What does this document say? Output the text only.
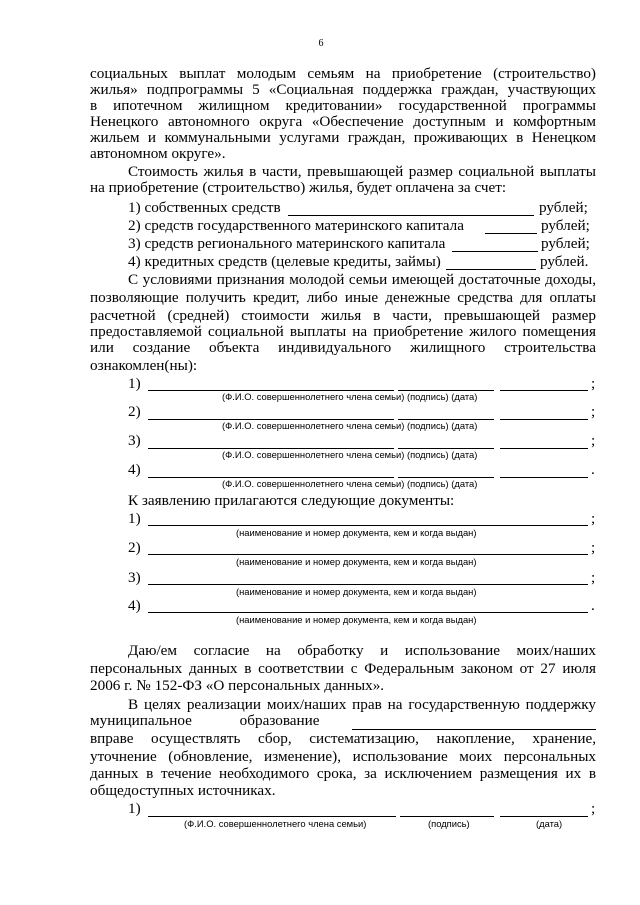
6
социальных выплат молодым семьям на приобретение (строительство)
жилья» подпрограммы 5 «Социальная поддержка граждан, участвующих
в ипотечном жилищном кредитовании» государственной программы
Ненецкого автономного округа «Обеспечение доступным и комфортным
жильем и коммунальными услугами граждан, проживающих в Ненецком
автономном округе».
Стоимость жилья в части, превышающей размер социальной выплаты
на приобретение (строительство) жилья, будет оплачена за счет:
1) собственных средств	рублей;
2) средств государственного материнского капитала	рублей;
3) средств регионального материнского капитала	рублей;
4) кредитных средств (целевые кредиты, займы)	рублей.
С условиями признания молодой семьи имеющей достаточные доходы,
позволяющие получить кредит, либо иные денежные средства для оплаты
расчетной (средней) стоимости жилья в части, превышающей размер
предоставляемой социальной выплаты на приобретение жилого помещения
или создание объекта индивидуального жилищного строительства
ознакомлен(ны):
1)	;
(Ф.И.О. совершеннолетнего члена семьи) (подпись) (дата)
2)	;
(Ф.И.О. совершеннолетнего члена семьи) (подпись) (дата)
3)	;
(Ф.И.О. совершеннолетнего члена семьи) (подпись) (дата)
4)	.
(Ф.И.О. совершеннолетнего члена семьи) (подпись) (дата)
К заявлению прилагаются следующие документы:
1)	;
(наименование и номер документа, кем и когда выдан)
2)	;
(наименование и номер документа, кем и когда выдан)
3)	;
(наименование и номер документа, кем и когда выдан)
4)	.
(наименование и номер документа, кем и когда выдан)
Даю/ем согласие на обработку и использование моих/наших
персональных данных в соответствии с Федеральным законом от 27 июля
2006 г. № 152-ФЗ «О персональных данных».
В целях реализации моих/наших прав на государственную поддержку
муниципальное образование
вправе осуществлять сбор, систематизацию, накопление, хранение,
уточнение (обновление, изменение), использование моих персональных
данных в течение необходимого срока, за исключением размещения их в
общедоступных источниках.
1)	;
(Ф.И.О. совершеннолетнего члена семьи)	(подпись)	(дата)
